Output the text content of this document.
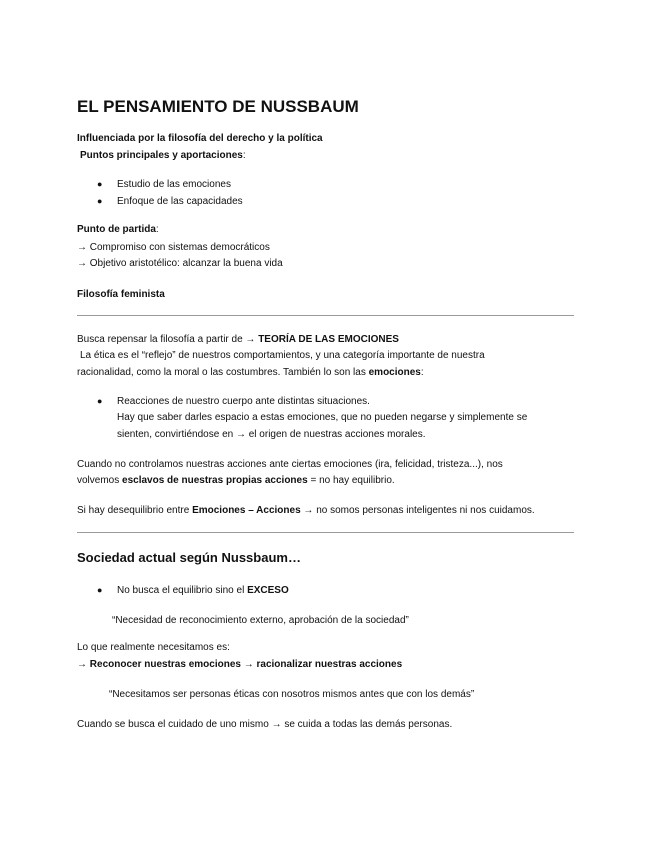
EL PENSAMIENTO DE NUSSBAUM
Influenciada por la filosofía del derecho y la política
Puntos principales y aportaciones:
● Estudio de las emociones
● Enfoque de las capacidades
Punto de partida:
→ Compromiso con sistemas democráticos
→ Objetivo aristotélico: alcanzar la buena vida
Filosofía feminista
Busca repensar la filosofía a partir de → TEORÍA DE LAS EMOCIONES
La ética es el “reflejo” de nuestros comportamientos, y una categoría importante de nuestra
racionalidad, como la moral o las costumbres. También lo son las emociones:
● Reacciones de nuestro cuerpo ante distintas situaciones.
Hay que saber darles espacio a estas emociones, que no pueden negarse y simplemente se
sienten, convirtiéndose en → el origen de nuestras acciones morales.
Cuando no controlamos nuestras acciones ante ciertas emociones (ira, felicidad, tristeza...), nos
volvemos esclavos de nuestras propias acciones = no hay equilibrio.
Si hay desequilibrio entre Emociones – Acciones → no somos personas inteligentes ni nos cuidamos.
Sociedad actual según Nussbaum…
● No busca el equilibrio sino el EXCESO
“Necesidad de reconocimiento externo, aprobación de la sociedad”
Lo que realmente necesitamos es:
→ Reconocer nuestras emociones → racionalizar nuestras acciones
“Necesitamos ser personas éticas con nosotros mismos antes que con los demás”
Cuando se busca el cuidado de uno mismo → se cuida a todas las demás personas.
